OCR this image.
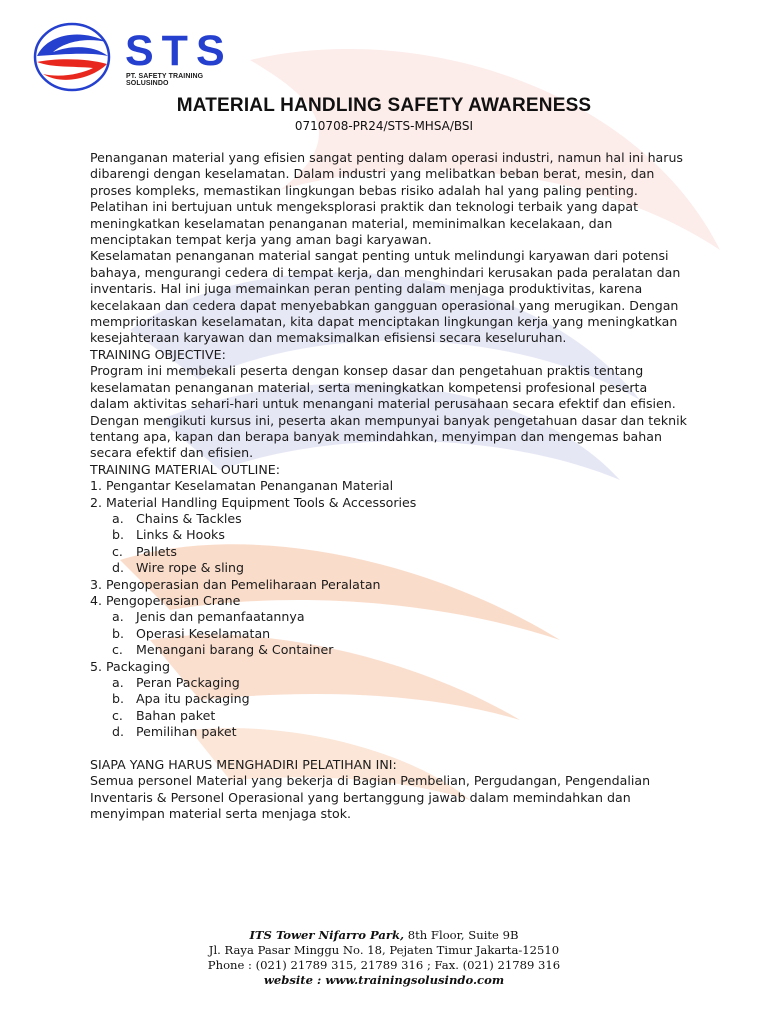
STS
PT. SAFETY TRAINING SOLUSINDO
MATERIAL HANDLING SAFETY AWARENESS
0710708-PR24/STS-MHSA/BSI

Penanganan material yang efisien sangat penting dalam operasi industri, namun hal ini harus dibarengi dengan keselamatan. Dalam industri yang melibatkan beban berat, mesin, dan proses kompleks, memastikan lingkungan bebas risiko adalah hal yang paling penting. Pelatihan ini bertujuan untuk mengeksplorasi praktik dan teknologi terbaik yang dapat meningkatkan keselamatan penanganan material, meminimalkan kecelakaan, dan menciptakan tempat kerja yang aman bagi karyawan.

Keselamatan penanganan material sangat penting untuk melindungi karyawan dari potensi bahaya, mengurangi cedera di tempat kerja, dan menghindari kerusakan pada peralatan dan inventaris. Hal ini juga memainkan peran penting dalam menjaga produktivitas, karena kecelakaan dan cedera dapat menyebabkan gangguan operasional yang merugikan. Dengan memprioritaskan keselamatan, kita dapat menciptakan lingkungan kerja yang meningkatkan kesejahteraan karyawan dan memaksimalkan efisiensi secara keseluruhan.

TRAINING OBJECTIVE:

Program ini membekali peserta dengan konsep dasar dan pengetahuan praktis tentang keselamatan penanganan material, serta meningkatkan kompetensi profesional peserta dalam aktivitas sehari-hari untuk menangani material perusahaan secara efektif dan efisien. Dengan mengikuti kursus ini, peserta akan mempunyai banyak pengetahuan dasar dan teknik tentang apa, kapan dan berapa banyak memindahkan, menyimpan dan mengemas bahan secara efektif dan efisien.

TRAINING MATERIAL OUTLINE:

1. Pengantar Keselamatan Penanganan Material
2. Material Handling Equipment Tools & Accessories
a. Chains & Tackles
b. Links & Hooks
c.	Pallets
d. Wire rope & sling
3. Pengoperasian dan Pemeliharaan Peralatan
4. Pengoperasian Crane
a. Jenis dan pemanfaatannya
b. Operasi Keselamatan
c.	Menangani barang & Container
5. Packaging
a. Peran Packaging
b. Apa itu packaging
c.	Bahan paket
d. Pemilihan paket

SIAPA YANG HARUS MENGHADIRI PELATIHAN INI:

Semua personel Material yang bekerja di Bagian Pembelian, Pergudangan, Pengendalian Inventaris & Personel Operasional yang bertanggung jawab dalam memindahkan dan menyimpan material serta menjaga stok.

ITS Tower Nifarro Park, 8th Floor, Suite 9B
Jl. Raya Pasar Minggu No. 18, Pejaten Timur Jakarta-12510
Phone : (021) 21789 315, 21789 316 ; Fax. (021) 21789 316
website : www.trainingsolusindo.com
